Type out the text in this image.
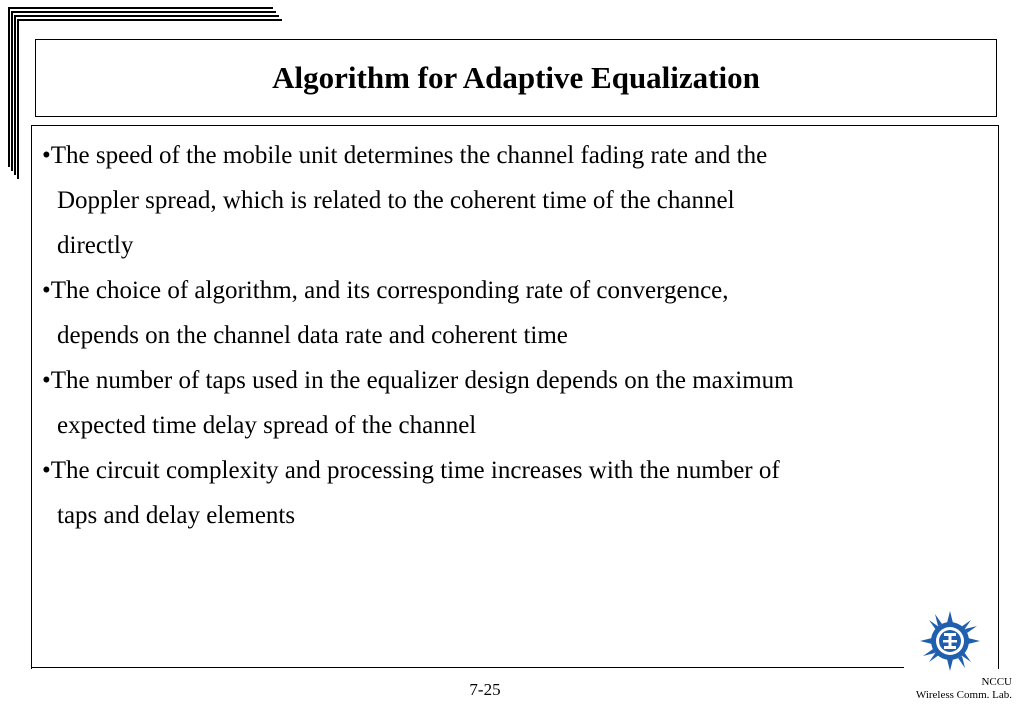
Algorithm for Adaptive Equalization
•The speed of the mobile unit determines the channel fading rate and the
Doppler spread, which is related to the coherent time of the channel
directly
•The choice of algorithm, and its corresponding rate of convergence,
depends on the channel data rate and coherent time
•The number of taps used in the equalizer design depends on the maximum
expected time delay spread of the channel
•The circuit complexity and processing time increases with the number of
taps and delay elements
7-25	NCCU
Wireless Comm. Lab.
